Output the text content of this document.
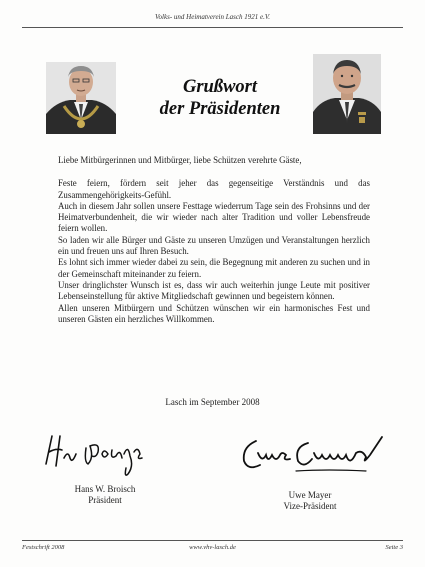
Volks- und Heimatverein Lasch 1921 e.V.
Grußwort
der Präsidenten

Liebe Mitbürgerinnen und Mitbürger, liebe Schützen verehrte Gäste,

Feste feiern, fördern seit jeher das gegenseitige Verständnis und das Zusammengehörigkeits-Gefühl.

Auch in diesem Jahr sollen unsere Festtage wiederrum Tage sein des Frohsinns und der Heimatverbundenheit, die wir wieder nach alter Tradition und voller Lebensfreude feiern wollen.

So laden wir alle Bürger und Gäste zu unseren Umzügen und Veranstaltungen herzlich ein und freuen uns auf Ihren Besuch.

Es lohnt sich immer wieder dabei zu sein, die Begegnung mit anderen zu suchen und in der Gemeinschaft miteinander zu feiern.

Unser dringlichster Wunsch ist es, dass wir auch weiterhin junge Leute mit positiver Lebenseinstellung für aktive Mitgliedschaft gewinnen und begeistern können.

Allen unseren Mitbürgern und Schützen wünschen wir ein harmonisches Fest und unseren Gästen ein herzliches Willkommen.

Lasch im September 2008
Hans W. Broisch
Präsident	Uwe Mayer
Vize-Präsident
Festschrift 2008	www.vhv-lasch.de	Seite 3
